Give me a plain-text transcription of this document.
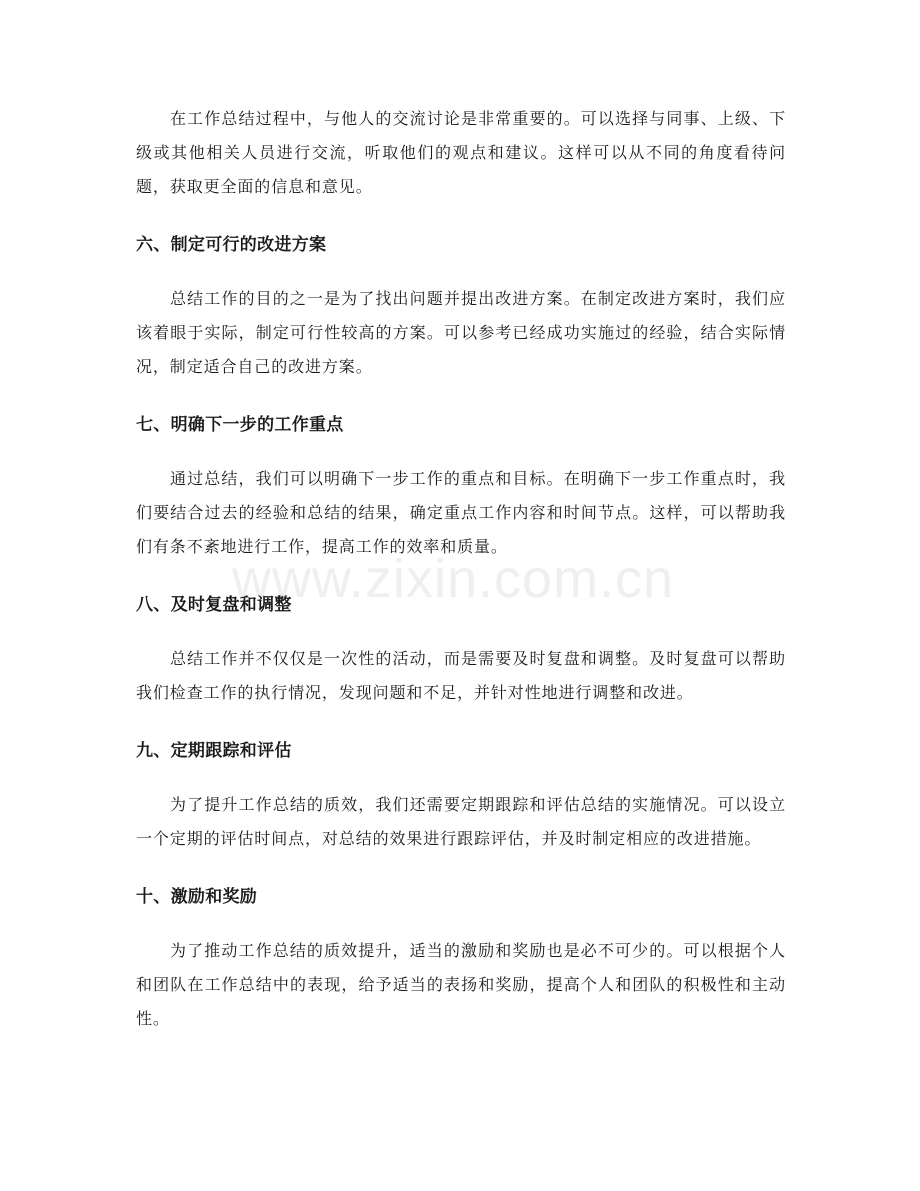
在工作总结过程中，与他人的交流讨论是非常重要的。可以选择与同事、上级、下级或其他相关人员进行交流，听取他们的观点和建议。这样可以从不同的角度看待问题，获取更全面的信息和意见。

六、制定可行的改进方案

总结工作的目的之一是为了找出问题并提出改进方案。在制定改进方案时，我们应该着眼于实际，制定可行性较高的方案。可以参考已经成功实施过的经验，结合实际情况，制定适合自己的改进方案。

七、明确下一步的工作重点

通过总结，我们可以明确下一步工作的重点和目标。在明确下一步工作重点时，我们要结合过去的经验和总结的结果，确定重点工作内容和时间节点。这样，可以帮助我们有条不紊地进行工作，提高工作的效率和质量。

八、及时复盘和调整

总结工作并不仅仅是一次性的活动，而是需要及时复盘和调整。及时复盘可以帮助我们检查工作的执行情况，发现问题和不足，并针对性地进行调整和改进。

九、定期跟踪和评估

为了提升工作总结的质效，我们还需要定期跟踪和评估总结的实施情况。可以设立一个定期的评估时间点，对总结的效果进行跟踪评估，并及时制定相应的改进措施。

十、激励和奖励

为了推动工作总结的质效提升，适当的激励和奖励也是必不可少的。可以根据个人和团队在工作总结中的表现，给予适当的表扬和奖励，提高个人和团队的积极性和主动性。

www.zixin.com.cn
